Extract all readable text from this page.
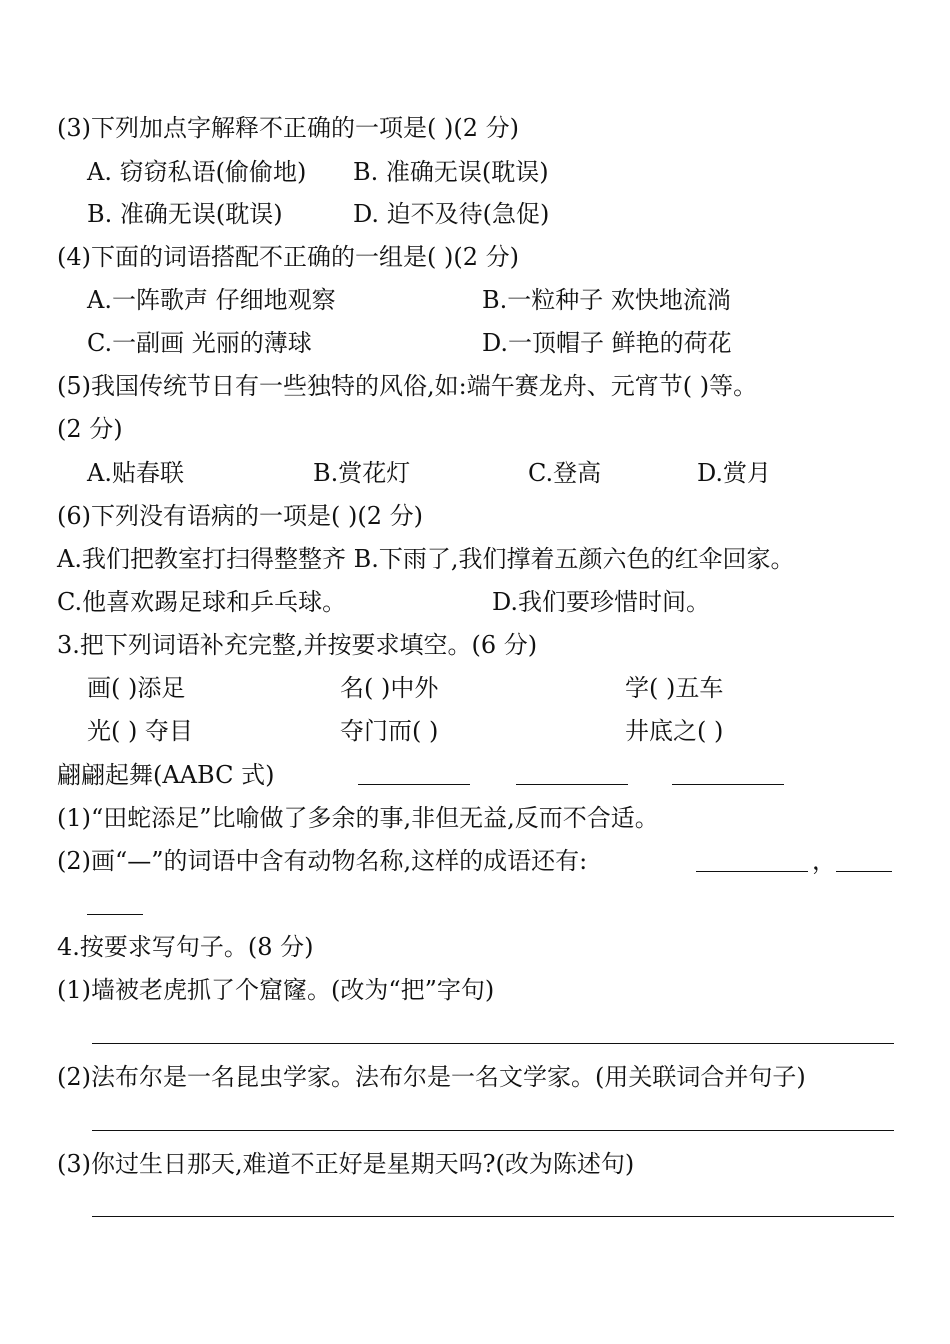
(3)下列加点字解释不正确的一项是( )(2 分)
A. 窃窃私语(偷偷地) B. 准确无误(耽误)
B. 准确无误(耽误)	D. 迫不及待(急促)
(4)下面的词语搭配不正确的一组是( )(2 分)
A.一阵歌声 仔细地观察	B.一粒种子 欢快地流淌
C.一副画 光丽的薄球	D.一顶帽子 鲜艳的荷花
(5)我国传统节日有一些独特的风俗,如:端午赛龙舟、元宵节( )等。
(2 分)
A.贴春联	B.赏花灯	C.登高	D.赏月
(6)下列没有语病的一项是( )(2 分)
A.我们把教室打扫得整整齐 B.下雨了,我们撑着五颜六色的红伞回家。
C.他喜欢踢足球和乒乓球。	D.我们要珍惜时间。
3.把下列词语补充完整,并按要求填空。(6 分)
画( )添足	名( )中外	学( )五车
光( ) 夺目	夺门而( )	井底之( )
翩翩起舞(AABC 式)
(1)“田蛇添足”比喻做了多余的事,非但无益,反而不合适。
(2)画“—”的词语中含有动物名称,这样的成语还有:	，
4.按要求写句子。(8 分)
(1)墙被老虎抓了个窟窿。(改为“把”字句)
(2)法布尔是一名昆虫学家。法布尔是一名文学家。(用关联词合并句子)
(3)你过生日那天,难道不正好是星期天吗?(改为陈述句)
